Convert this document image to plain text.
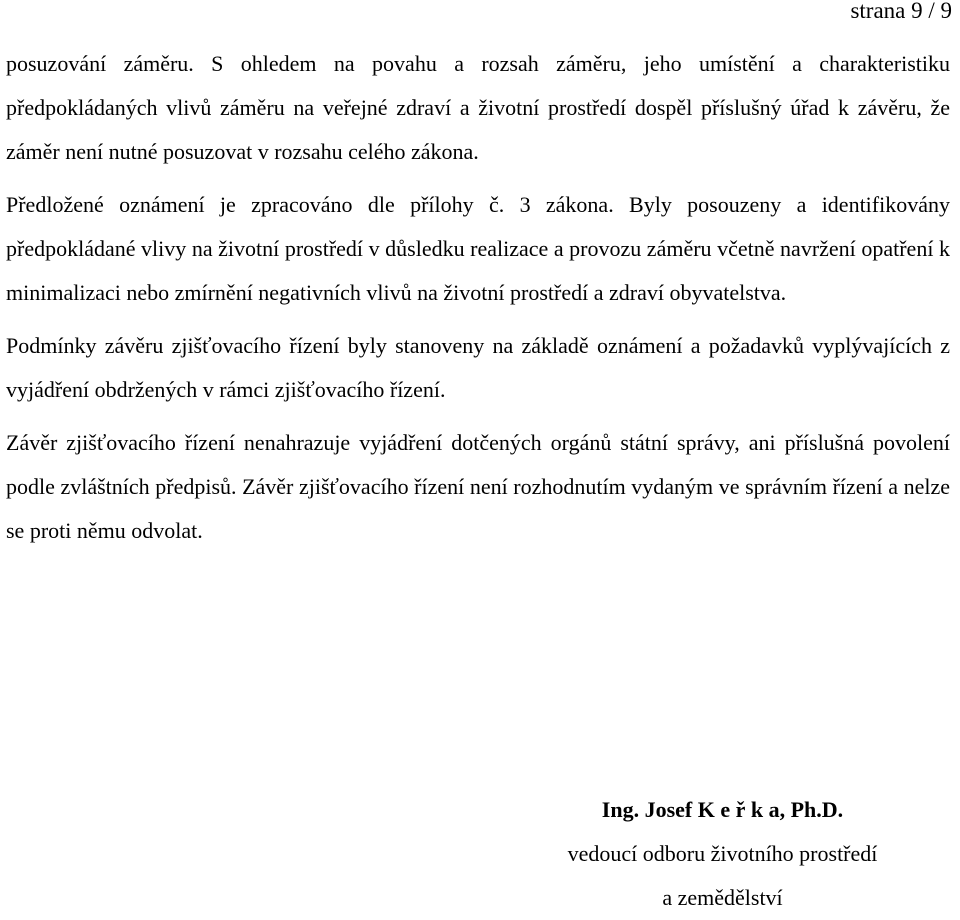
strana 9 / 9

posuzování záměru. S ohledem na povahu a rozsah záměru, jeho umístění a charakteristiku předpokládaných vlivů záměru na veřejné zdraví a životní prostředí dospěl příslušný úřad k závěru, že záměr není nutné posuzovat v rozsahu celého zákona.

Předložené oznámení je zpracováno dle přílohy č. 3 zákona. Byly posouzeny a identifikovány předpokládané vlivy na životní prostředí v důsledku realizace a provozu záměru včetně navržení opatření k minimalizaci nebo zmírnění negativních vlivů na životní prostředí a zdraví obyvatelstva.

Podmínky závěru zjišťovacího řízení byly stanoveny na základě oznámení a požadavků vyplývajících z vyjádření obdržených v rámci zjišťovacího řízení.

Závěr zjišťovacího řízení nenahrazuje vyjádření dotčených orgánů státní správy, ani příslušná povolení podle zvláštních předpisů. Závěr zjišťovacího řízení není rozhodnutím vydaným ve správním řízení a nelze se proti němu odvolat.

Ing. Josef K e ř k a, Ph.D.
vedoucí odboru životního prostředí
a zemědělství
